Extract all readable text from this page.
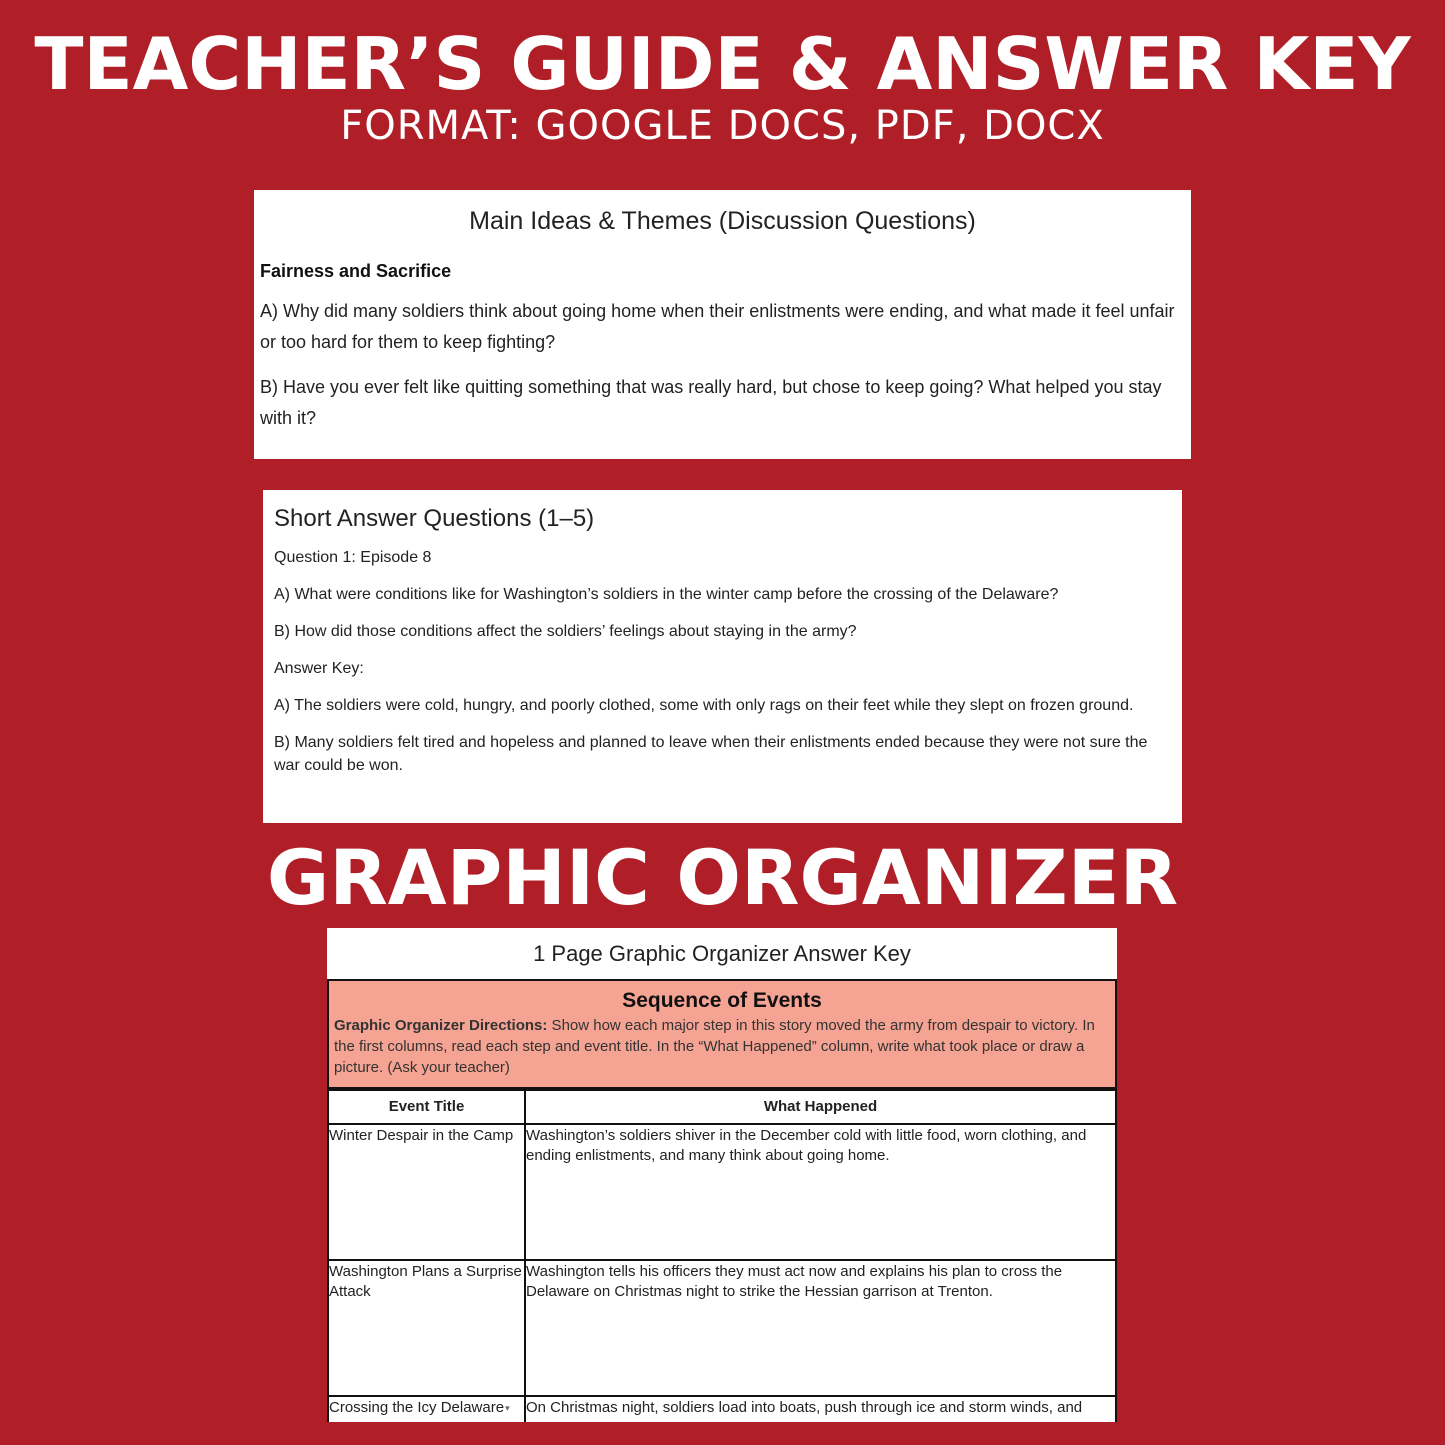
TEACHER’S GUIDE & ANSWER KEY

FORMAT: GOOGLE DOCS, PDF, DOCX

Main Ideas & Themes (Discussion Questions)
Fairness and Sacrifice
A) Why did many soldiers think about going home when their enlistments were ending, and what made it feel unfair or too hard for them to keep fighting?
B) Have you ever felt like quitting something that was really hard, but chose to keep going? What helped you stay with it?
Short Answer Questions (1–5)
Question 1: Episode 8
A) What were conditions like for Washington’s soldiers in the winter camp before the crossing of the Delaware?
B) How did those conditions affect the soldiers’ feelings about staying in the army?
Answer Key:
A) The soldiers were cold, hungry, and poorly clothed, some with only rags on their feet while they slept on frozen ground.
B) Many soldiers felt tired and hopeless and planned to leave when their enlistments ended because they were not sure the war could be won.
GRAPHIC ORGANIZER
1 Page Graphic Organizer Answer Key
Sequence of Events
Graphic Organizer Directions: Show how each major step in this story moved the army from despair to victory. In the first columns, read each step and event title. In the “What Happened” column, write what took place or draw a picture. (Ask your teacher)
Event Title	What Happened
Winter Despair in the Camp	Washington’s soldiers shiver in the December cold with little food, worn clothing, and ending enlistments, and many think about going home.
Washington Plans a Surprise Attack	Washington tells his officers they must act now and explains his plan to cross the Delaware on Christmas night to strike the Hessian garrison at Trenton.
Crossing the Icy Delaware▾	On Christmas night, soldiers load into boats, push through ice and storm winds, and
